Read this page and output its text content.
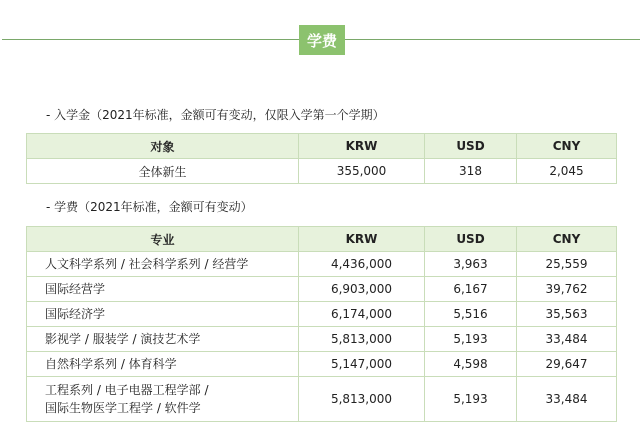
学费
- 入学金（2021年标准，金额可有变动，仅限入学第一个学期）
对象	KRW	USD	CNY
全体新生	355,000	318	2,045
- 学费（2021年标准，金额可有变动）
专业	KRW	USD	CNY
人文科学系列 / 社会科学系列 / 经营学	4,436,000	3,963	25,559
国际经营学	6,903,000	6,167	39,762
国际经济学	6,174,000	5,516	35,563
影视学 / 服装学 / 演技艺术学	5,813,000	5,193	33,484
自然科学系列 / 体育科学	5,147,000	4,598	29,647

工程系列 / 电子电器工程学部 /
国际生物医学工程学 / 软件学	5,813,000	5,193	33,484
